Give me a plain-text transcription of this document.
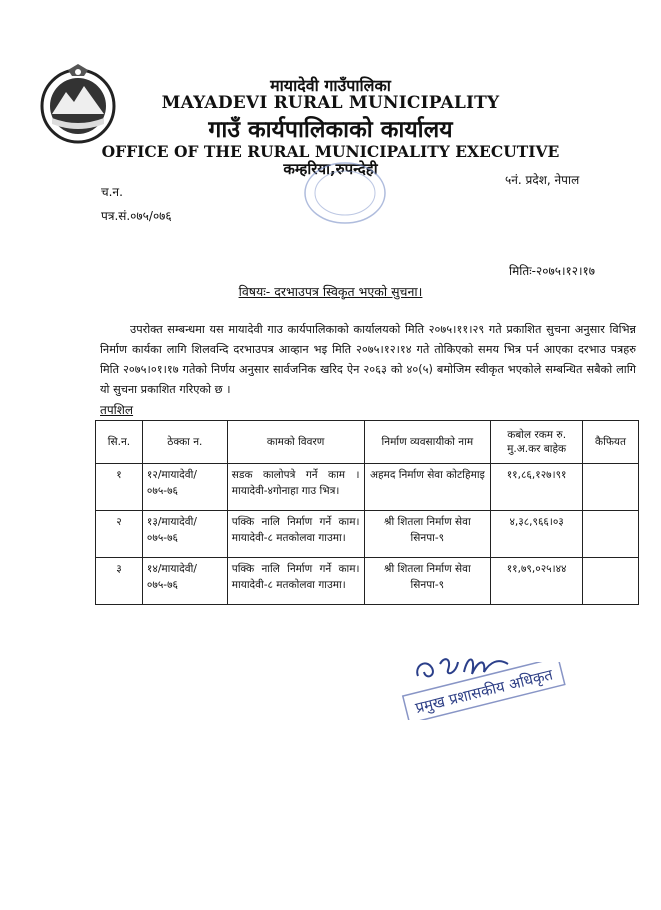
मायादेवी गाउँपालिका
MAYADEVI RURAL MUNICIPALITY
गाउँ कार्यपालिकाको कार्यालय
OFFICE OF THE RURAL MUNICIPALITY EXECUTIVE
कम्हरिया,रुपन्देही
५नं. प्रदेश, नेपाल
च.न.
पत्र.सं.०७५/०७६
मितिः-२०७५।१२।१७
विषयः- दरभाउपत्र स्विकृत भएको सुचना।
उपरोक्त सम्बन्धमा यस मायादेवी गाउ कार्यपालिकाको कार्यालयको मिति २०७५।११।२९ गते प्रकाशित सुचना अनुसार विभिन्न निर्माण कार्यका लागि शिलवन्दि दरभाउपत्र आव्हान भइ मिति २०७५।१२।१४ गते तोकिएको समय भित्र पर्न आएका दरभाउ पत्रहरु मिति २०७५।०१।१७ गतेको निर्णय अनुसार सार्वजनिक खरिद ऐन २०६३ को ४०(५) बमोजिम स्वीकृत भएकोले सम्बन्धित सबैको लागि यो सुचना प्रकाशित गरिएको छ ।
तपशिल
सि.न.	ठेक्का न.	कामको विवरण	निर्माण व्यवसायीको नाम	कबोल रकम रु. मु.अ.कर बाहेक	कैफियत
१	१२/मायादेवी/ ०७५-७६	सडक कालोपत्रे गर्ने काम ।मायादेवी-४गोनाहा गाउ भित्र।	अहमद निर्माण सेवा कोटहिमाइ	११,८६,१२७।९१	
२	१३/मायादेवी/ ०७५-७६	पक्कि नालि निर्माण गर्ने काम। मायादेवी-८ मतकोलवा गाउमा।	श्री शितला निर्माण सेवा सिनपा-९	४,३८,९६६।०३	
३	१४/मायादेवी/ ०७५-७६	पक्कि नालि निर्माण गर्ने काम। मायादेवी-८ मतकोलवा गाउमा।	श्री शितला निर्माण सेवा सिनपा-९	११,७९,०२५।४४	
प्रमुख प्रशासकीय अधिकृत
